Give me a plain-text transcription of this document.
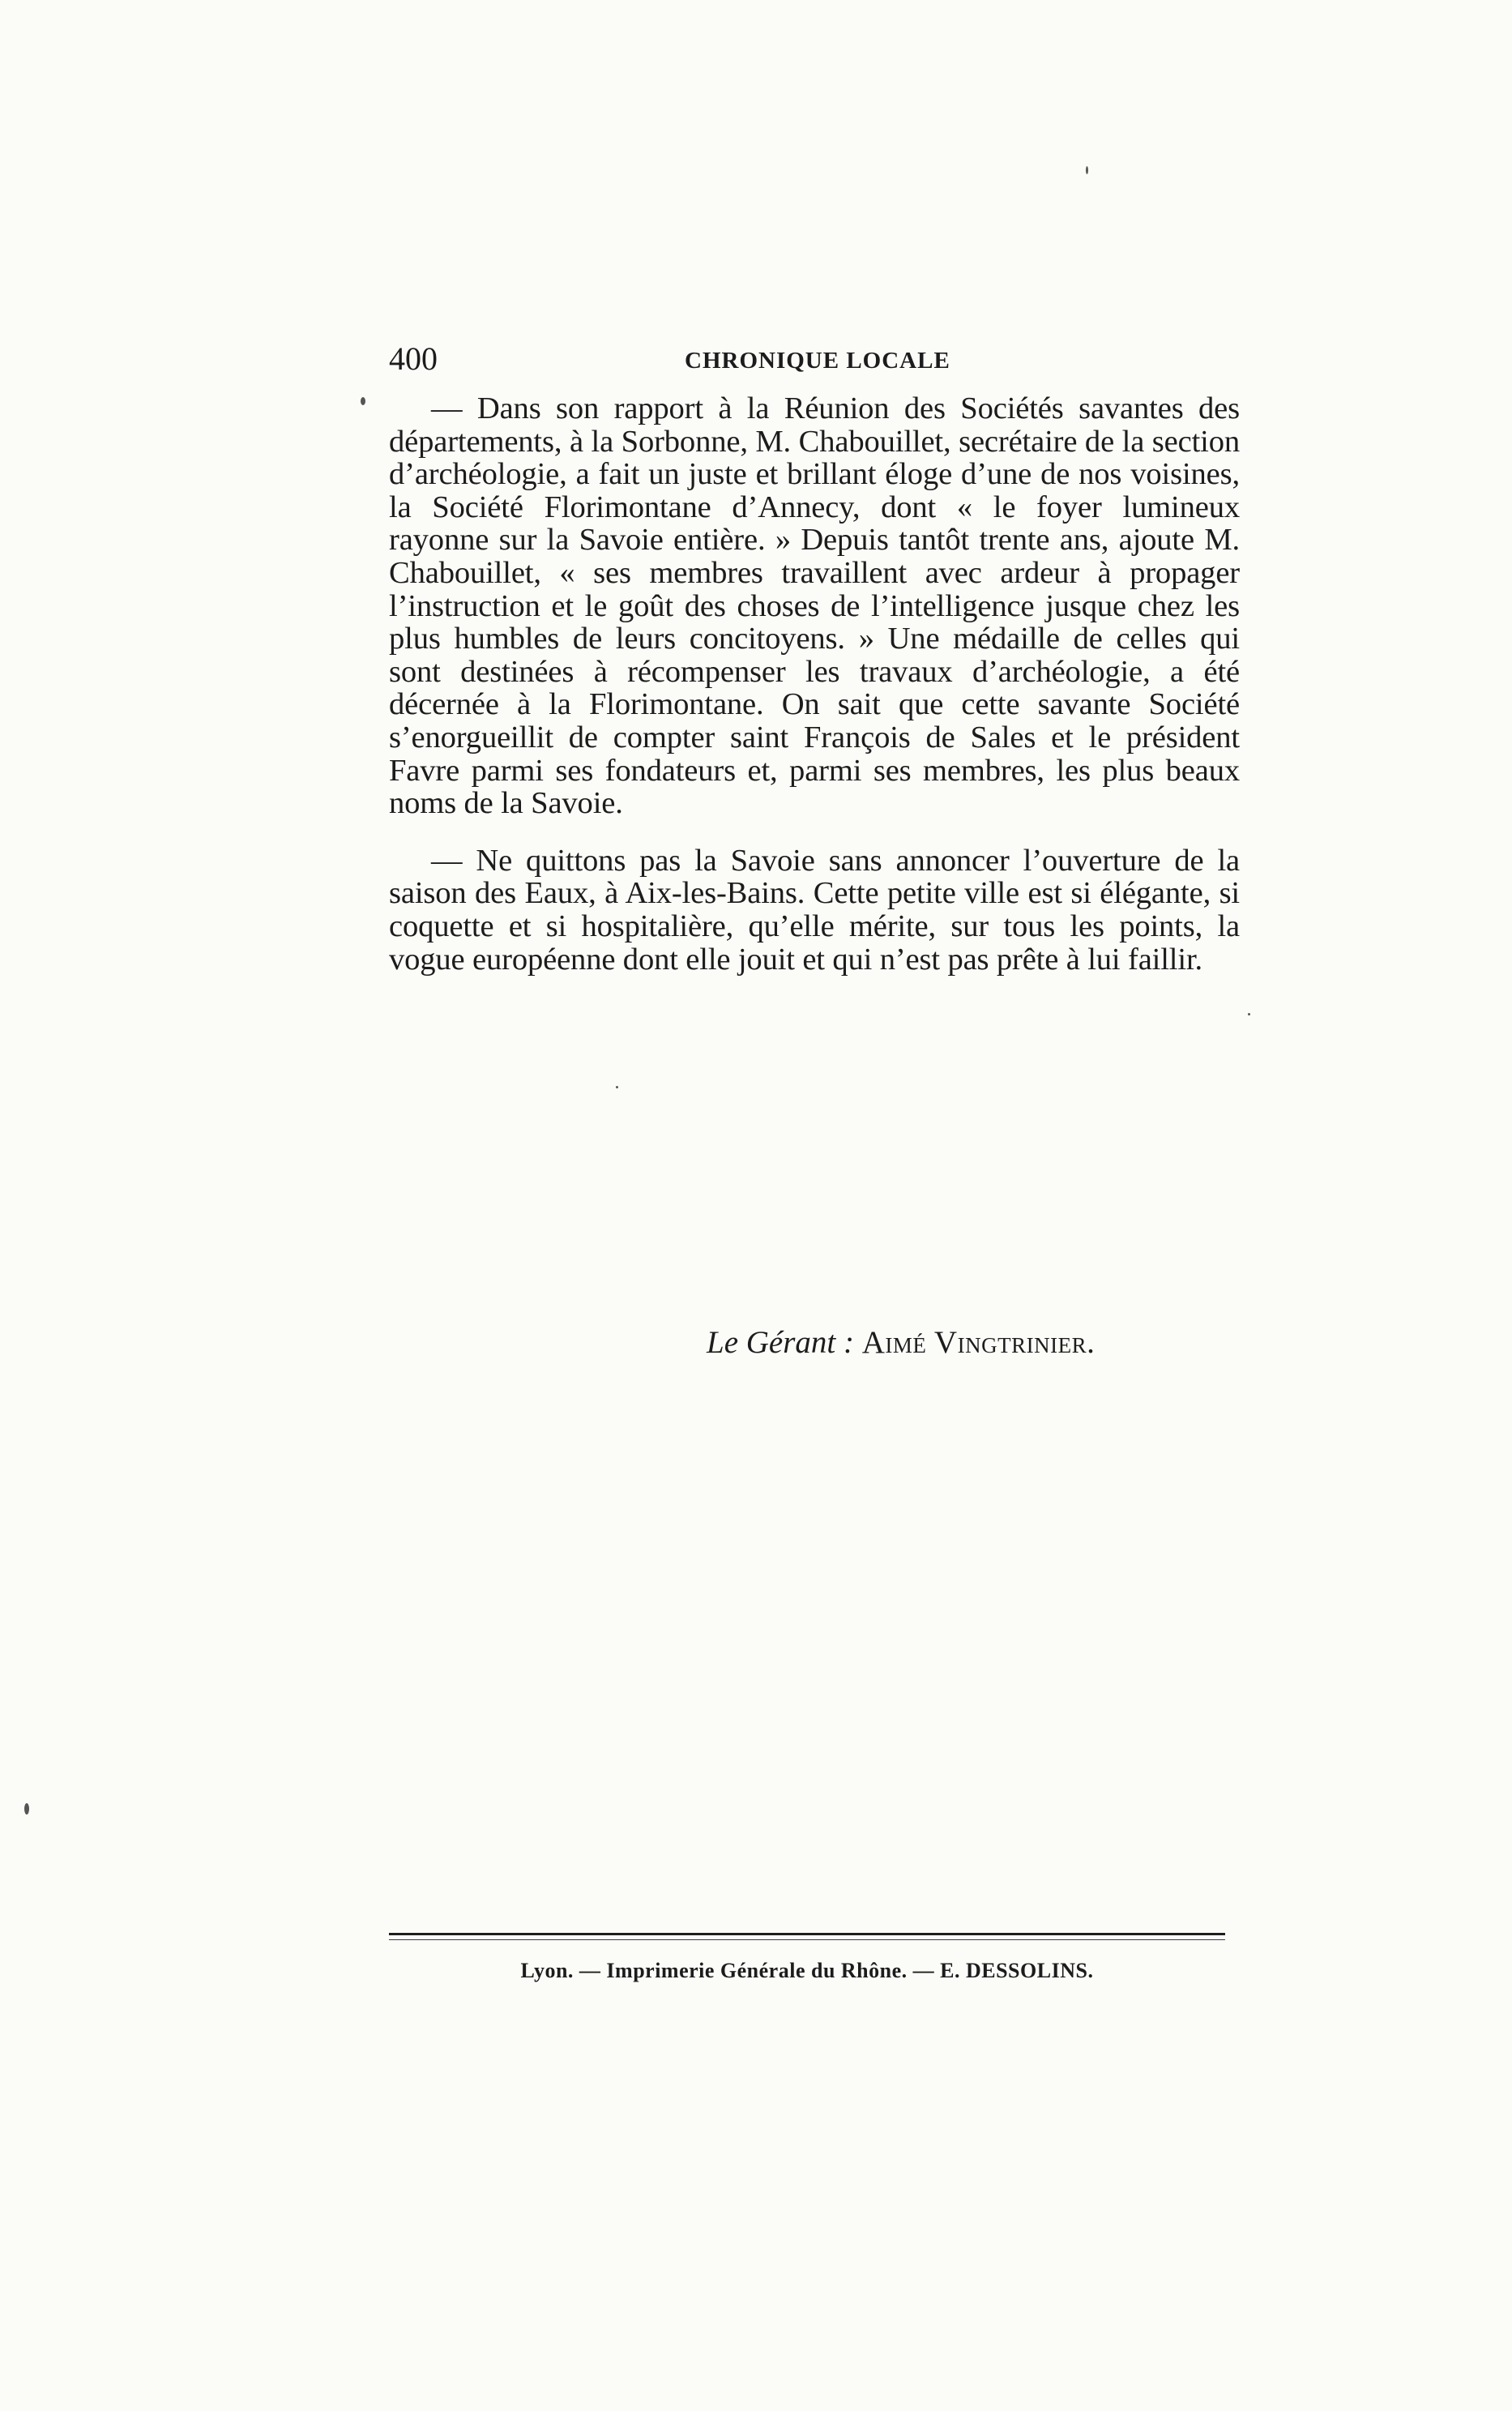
400	CHRONIQUE LOCALE

— Dans son rapport à la Réunion des Sociétés savantes des départements, à la Sorbonne, M. Chabouillet, secrétaire de la section d’archéologie, a fait un juste et brillant éloge d’une de nos voisines, la Société Florimontane d’Annecy, dont « le foyer lumineux rayonne sur la Savoie entière. » Depuis tantôt trente ans, ajoute M. Chabouillet, « ses membres travaillent avec ardeur à propager l’instruction et le goût des choses de l’intelligence jusque chez les plus humbles de leurs concitoyens. » Une médaille de celles qui sont destinées à récompenser les travaux d’archéologie, a été décernée à la Florimontane. On sait que cette savante Société s’enorgueillit de compter saint François de Sales et le président Favre parmi ses fondateurs et, parmi ses membres, les plus beaux noms de la Savoie.

— Ne quittons pas la Savoie sans annoncer l’ouverture de la saison des Eaux, à Aix-les-Bains. Cette petite ville est si élégante, si coquette et si hospitalière, qu’elle mérite, sur tous les points, la vogue européenne dont elle jouit et qui n’est pas prête à lui faillir.

Le Gérant : Aimé Vingtrinier.
Lyon. — Imprimerie Générale du Rhône. — E. DESSOLINS.
